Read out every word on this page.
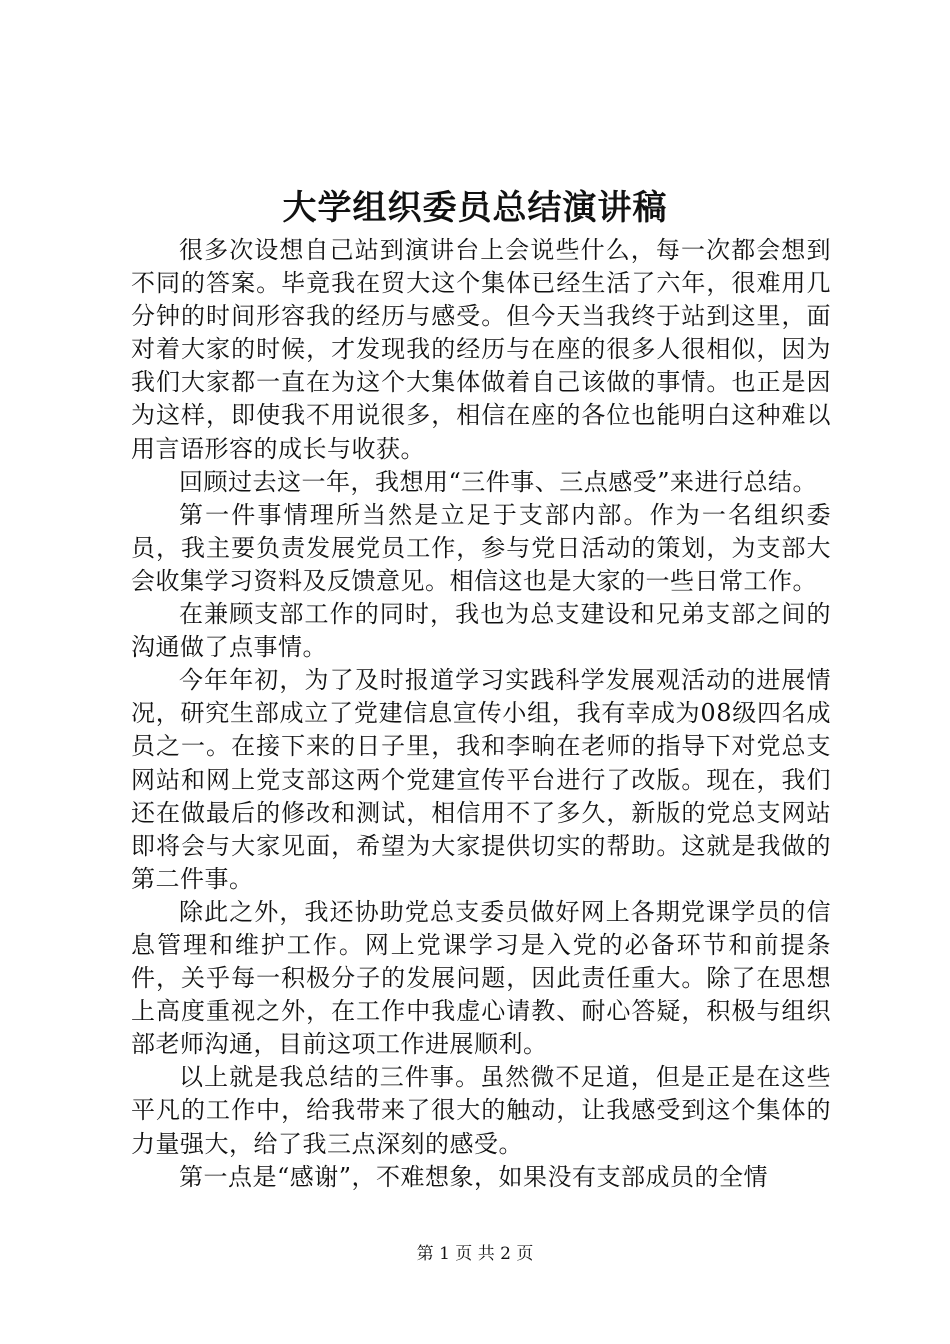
大学组织委员总结演讲稿

很多次设想自己站到演讲台上会说些什么，每一次都会想到不同的答案。毕竟我在贸大这个集体已经生活了六年，很难用几分钟的时间形容我的经历与感受。但今天当我终于站到这里，面对着大家的时候，才发现我的经历与在座的很多人很相似，因为我们大家都一直在为这个大集体做着自己该做的事情。也正是因为这样，即使我不用说很多，相信在座的各位也能明白这种难以用言语形容的成长与收获。

回顾过去这一年，我想用“三件事、三点感受”来进行总结。

第一件事情理所当然是立足于支部内部。作为一名组织委员，我主要负责发展党员工作，参与党日活动的策划，为支部大会收集学习资料及反馈意见。相信这也是大家的一些日常工作。

在兼顾支部工作的同时，我也为总支建设和兄弟支部之间的沟通做了点事情。

今年年初，为了及时报道学习实践科学发展观活动的进展情况，研究生部成立了党建信息宣传小组，我有幸成为08级四名成员之一。在接下来的日子里，我和李晌在老师的指导下对党总支网站和网上党支部这两个党建宣传平台进行了改版。现在，我们还在做最后的修改和测试，相信用不了多久，新版的党总支网站即将会与大家见面，希望为大家提供切实的帮助。这就是我做的第二件事。

除此之外，我还协助党总支委员做好网上各期党课学员的信息管理和维护工作。网上党课学习是入党的必备环节和前提条件，关乎每一积极分子的发展问题，因此责任重大。除了在思想上高度重视之外，在工作中我虚心请教、耐心答疑，积极与组织部老师沟通，目前这项工作进展顺利。

以上就是我总结的三件事。虽然微不足道，但是正是在这些平凡的工作中，给我带来了很大的触动，让我感受到这个集体的力量强大，给了我三点深刻的感受。

第一点是“感谢”，不难想象，如果没有支部成员的全情

第 1 页 共 2 页
